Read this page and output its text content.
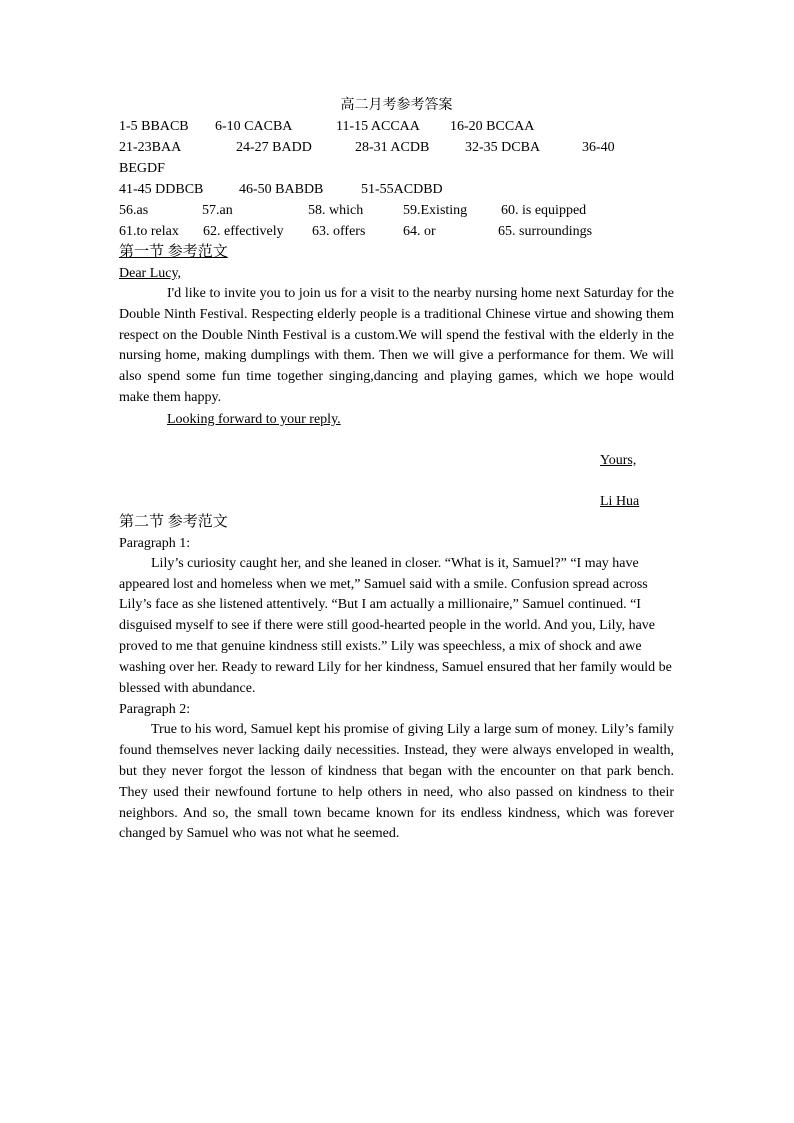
高二月考参考答案
1-5 BBACB 6-10 CACBA	11-15 ACCAA 16-20 BCCAA
21-23BAA	24-27 BADD	28-31 ACDB	32-35 DCBA	36-40
BEGDF
41-45 DDBCB	46-50 BABDB	51-55ACDBD
56.as	57.an	58. which	59.Existing 60. is equipped
61.to relax 62. effectively 63. offers	64. or	65. surroundings
第一节 参考范文
Dear Lucy,
I'd like to invite you to join us for a visit to the nearby nursing home next Saturday for the Double Ninth Festival. Respecting elderly people is a traditional Chinese virtue and showing them respect on the Double Ninth Festival is a custom.We will spend the festival with the elderly in the nursing home, making dumplings with them. Then we will give a performance for them. We will also spend some fun time together singing,dancing and playing games, which we hope would make them happy.
Looking forward to your reply.
Yours,
Li Hua
第二节 参考范文
Paragraph 1:
Lily’s curiosity caught her, and she leaned in closer. “What is it, Samuel?” “I may have appeared lost and homeless when we met,” Samuel said with a smile. Confusion spread across Lily’s face as she listened attentively. “But I am actually a millionaire,” Samuel continued. “I disguised myself to see if there were still good-hearted people in the world. And you, Lily, have proved to me that genuine kindness still exists.” Lily was speechless, a mix of shock and awe washing over her. Ready to reward Lily for her kindness, Samuel ensured that her family would be blessed with abundance.
Paragraph 2:
True to his word, Samuel kept his promise of giving Lily a large sum of money. Lily’s family found themselves never lacking daily necessities. Instead, they were always enveloped in wealth, but they never forgot the lesson of kindness that began with the encounter on that park bench. They used their newfound fortune to help others in need, who also passed on kindness to their neighbors. And so, the small town became known for its endless kindness, which was forever changed by Samuel who was not what he seemed.
